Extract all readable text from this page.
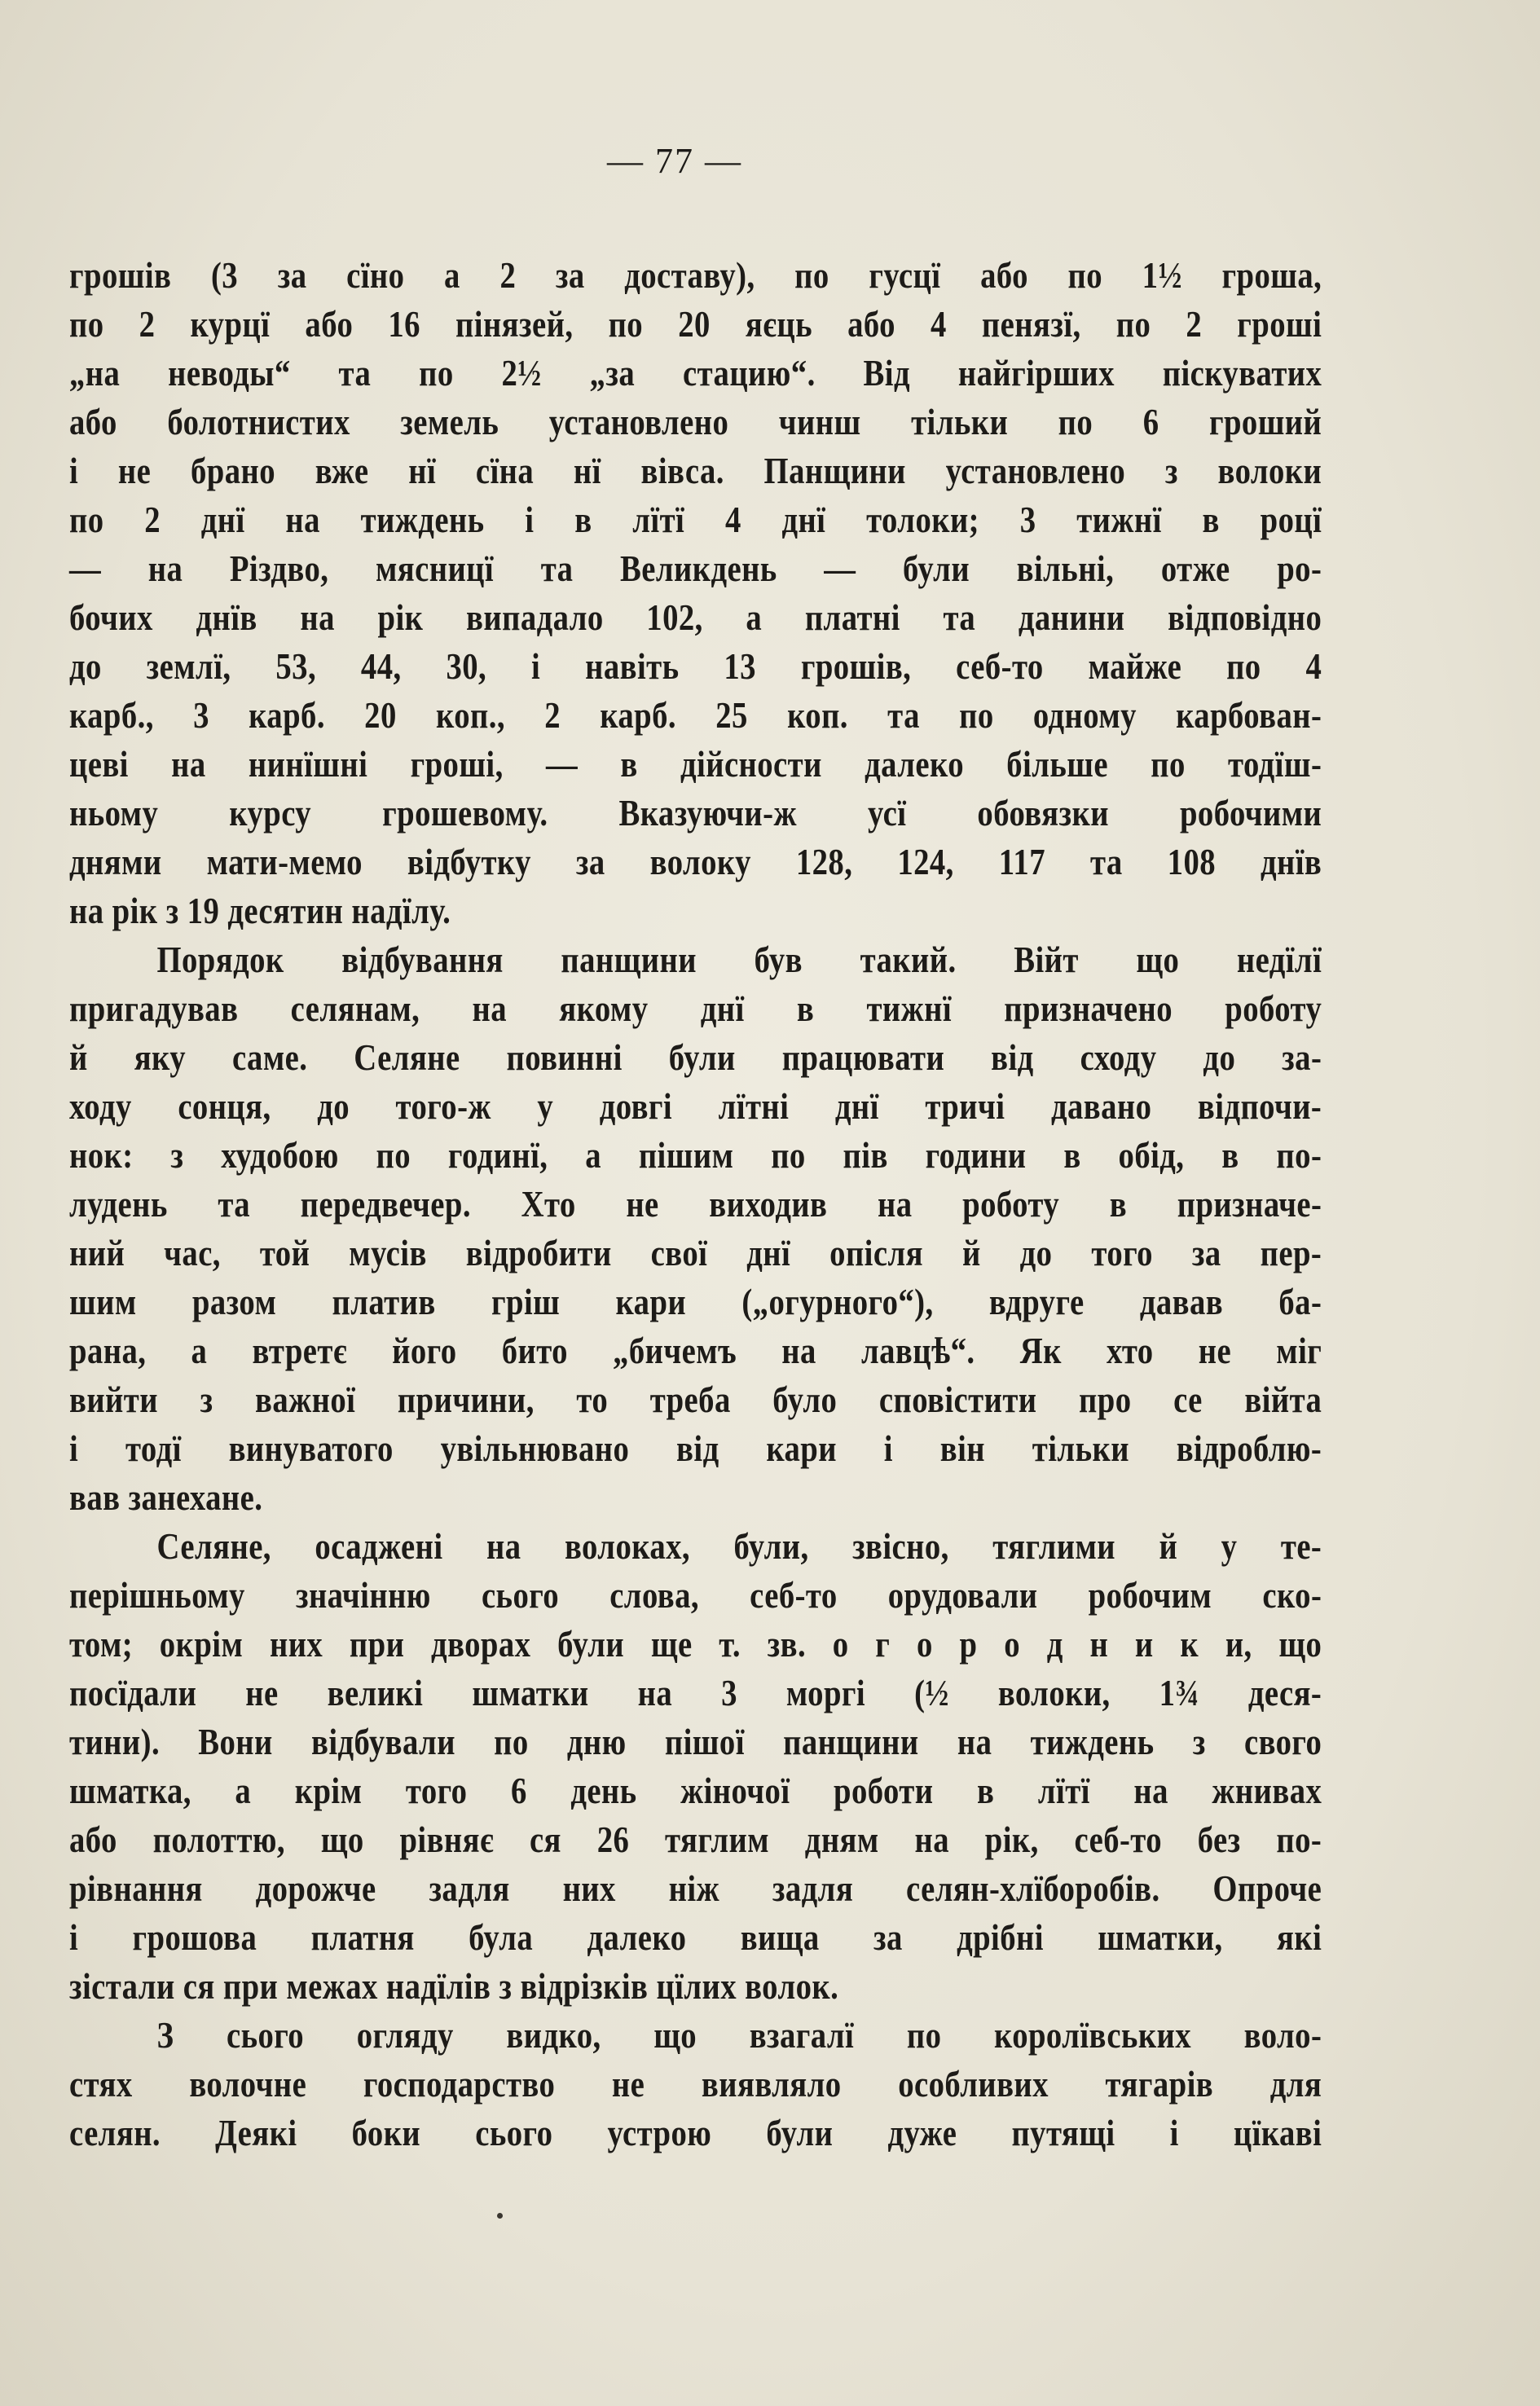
— 77 —
грошів (3 за сїно а 2 за доставу), по гусцї або по 1½ гроша,
по 2 курцї або 16 пінязей, по 20 яєць або 4 пенязї, по 2 гроші
„на неводы“ та по 2½ „за стацию“. Від найгірших піскуватих
або болотнистих земель установлено чинш тільки по 6 гроший
і не брано вже нї сїна нї вівса. Панщини установлено з волоки
по 2 днї на тиждень і в лїтї 4 днї толоки; 3 тижнї в роцї
— на Різдво, мясницї та Великдень — були вільні, отже ро-
бочих днїв на рік випадало 102, а платні та данини відповідно
до землї, 53, 44, 30, і навіть 13 грошів, себ-то майже по 4
карб., 3 карб. 20 коп., 2 карб. 25 коп. та по одному карбован-
цеві на нинїшні гроші, — в дійсности далеко більше по тодїш-
ньому курсу грошевому. Вказуючи-ж усї обовязки робочими
днями мати-мемо відбутку за волоку 128, 124, 117 та 108 днїв
на рік з 19 десятин надїлу.
Порядок відбування панщини був такий. Війт що недїлї
пригадував селянам, на якому днї в тижнї призначено роботу
й яку саме. Селяне повинні були працювати від сходу до за-
ходу сонця, до того-ж у довгі лїтні днї тричі давано відпочи-
нок: з худобою по годинї, а пішим по пів години в обід, в по-
лудень та передвечер. Хто не виходив на роботу в призначе-
ний час, той мусів відробити свої днї опісля й до того за пер-
шим разом платив гріш кари („огурного“), вдруге давав ба-
рана, а втретє його бито „бичемъ на лавцѣ“. Як хто не міг
вийти з важної причини, то треба було сповістити про се війта
і тодї винуватого увільнювано від кари і він тільки відроблю-
вав занехане.
Селяне, осаджені на волоках, були, звісно, тяглими й у те-
перішньому значінню сього слова, себ-то орудовали робочим ско-
том; окрім них при дворах були ще т. зв. о г о р о д н и к и, що
посїдали не великі шматки на 3 моргі (½ волоки, 1¾ деся-
тини). Вони відбували по дню пішої панщини на тиждень з свого
шматка, а крім того 6 день жіночої роботи в лїтї на жнивах
або полоттю, що рівняє ся 26 тяглим дням на рік, себ-то без по-
рівнання дорожче задля них ніж задля селян-хлїборобів. Опроче
і грошова платня була далеко вища за дрібні шматки, які
зістали ся при межах надїлів з відрізків цїлих волок.
З сього огляду видко, що взагалї по королївських воло-
стях волочне господарство не виявляло особливих тягарів для
селян. Деякі боки сього устрою були дуже путящі і цїкаві
